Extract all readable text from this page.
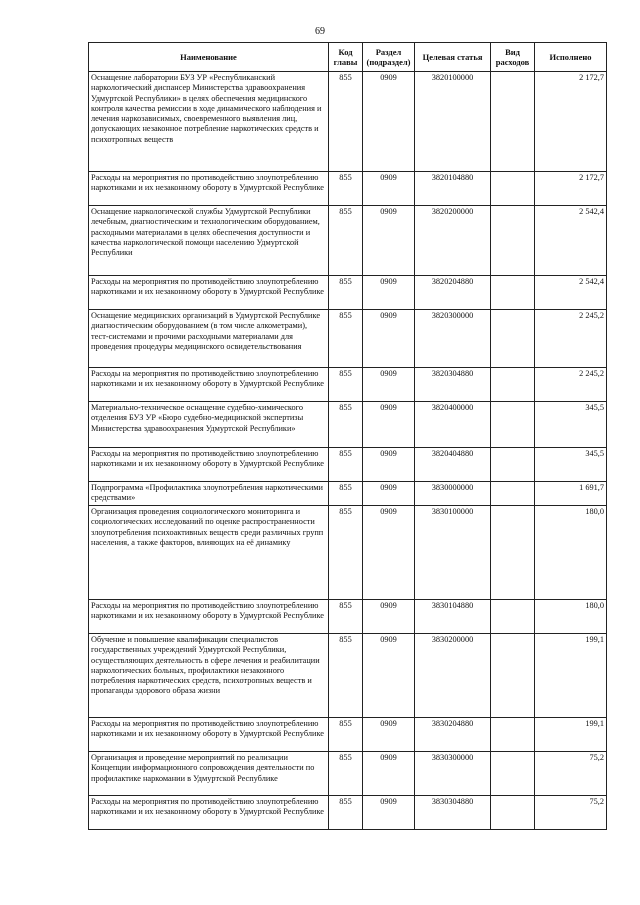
69
Наименование	Код главы	Раздел (подраздел)	Целевая статья	Вид расходов	Исполнено
Оснащение лаборатории БУЗ УР «Республиканский наркологический диспансер Министерства здравоохранения Удмуртской Республики» в целях обеспечения медицинского контроля качества ремиссии в ходе динамического наблюдения и лечения наркозависимых, своевременного выявления лиц, допускающих незаконное потребление наркотических средств и психотропных веществ	855	0909	3820100000		2 172,7
Расходы на мероприятия по противодействию злоупотреблению наркотиками и их незаконному обороту в Удмуртской Республике	855	0909	3820104880		2 172,7
Оснащение наркологической службы Удмуртской Республики лечебным, диагностическим и технологическим оборудованием, расходными материалами в целях обеспечения доступности и качества наркологической помощи населению Удмуртской Республики	855	0909	3820200000		2 542,4
Расходы на мероприятия по противодействию злоупотреблению наркотиками и их незаконному обороту в Удмуртской Республике	855	0909	3820204880		2 542,4
Оснащение медицинских организаций в Удмуртской Республике диагностическим оборудованием (в том числе алкометрами), тест-системами и прочими расходными материалами для проведения процедуры медицинского освидетельствования	855	0909	3820300000		2 245,2
Расходы на мероприятия по противодействию злоупотреблению наркотиками и их незаконному обороту в Удмуртской Республике	855	0909	3820304880		2 245,2
Материально-техническое оснащение судебно-химического отделения БУЗ УР «Бюро судебно-медицинской экспертизы Министерства здравоохранения Удмуртской Республики»	855	0909	3820400000		345,5
Расходы на мероприятия по противодействию злоупотреблению наркотиками и их незаконному обороту в Удмуртской Республике	855	0909	3820404880		345,5
Подпрограмма «Профилактика злоупотребления наркотическими средствами»	855	0909	3830000000		1 691,7
Организация проведения социологического мониторинга и социологических исследований по оценке распространенности злоупотребления психоактивных веществ среди различных групп населения, а также факторов, влияющих на её динамику	855	0909	3830100000		180,0
Расходы на мероприятия по противодействию злоупотреблению наркотиками и их незаконному обороту в Удмуртской Республике	855	0909	3830104880		180,0
Обучение и повышение квалификации специалистов государственных учреждений Удмуртской Республики, осуществляющих деятельность в сфере лечения и реабилитации наркологических больных, профилактики незаконного потребления наркотических средств, психотропных веществ и пропаганды здорового образа жизни	855	0909	3830200000		199,1
Расходы на мероприятия по противодействию злоупотреблению наркотиками и их незаконному обороту в Удмуртской Республике	855	0909	3830204880		199,1
Организация и проведение мероприятий по реализации Концепции информационного сопровождения деятельности по профилактике наркомании в Удмуртской Республике	855	0909	3830300000		75,2
Расходы на мероприятия по противодействию злоупотреблению наркотиками и их незаконному обороту в Удмуртской Республике	855	0909	3830304880		75,2
